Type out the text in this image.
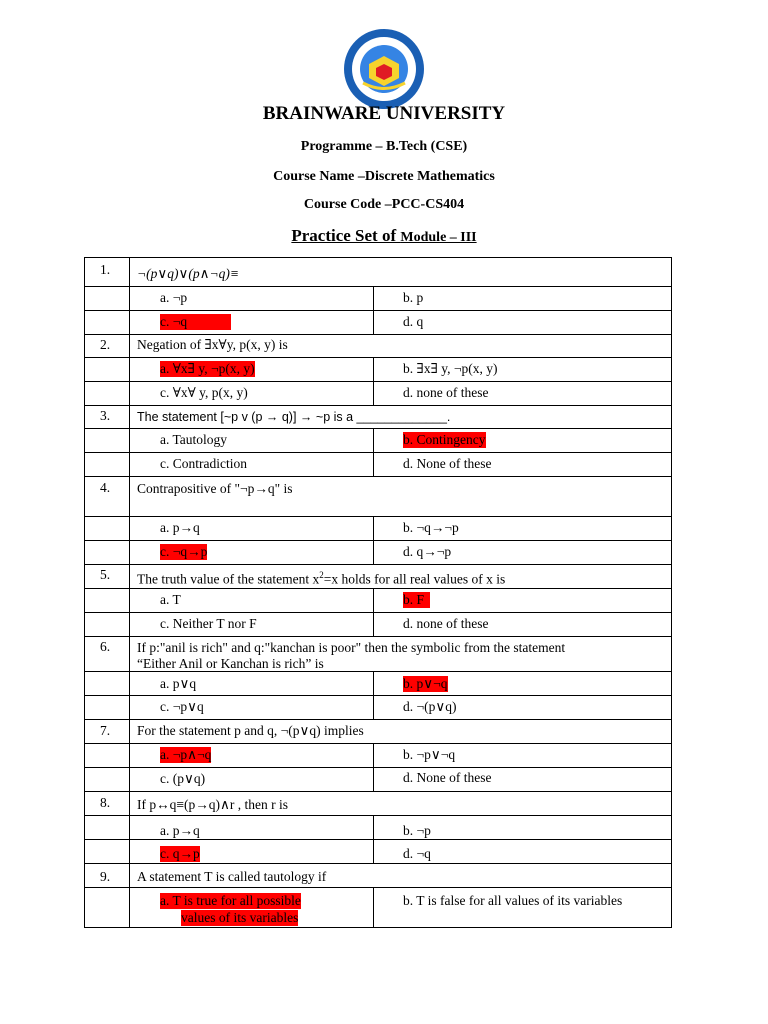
BRAINWARE UNIVERSITY
Programme – B.Tech (CSE)
Course Name –Discrete Mathematics
Course Code –PCC-CS404
Practice Set of Module – III
1. ¬(p∨q)∨(p∧¬q)≡
a. ¬p	b. p
c. ¬q	d. q
2. Negation of ∃x∀y, p(x, y) is
a. ∀x∃ y, ¬p(x, y)	b. ∃x∃ y, ¬p(x, y)
c. ∀x∀ y, p(x, y)	d. none of these
3. The statement [~p v (p → q)] → ~p is a _____________.
a. Tautology	b. Contingency
c. Contradiction	d. None of these
4. Contrapositive of "¬p→q" is
a. p→q	b. ¬q→¬p
c. ¬q→p	d. q→¬p
5. The truth value of the statement $x^2=x$ holds for all real values of x is
a. T	b. F
c. Neither T nor F	d. none of these
6. If p:"anil is rich" and q:"kanchan is poor" then the symbolic from the statement
“Either Anil or Kanchan is rich” is
a. p∨q	b. p∨¬q
c. ¬p∨q	d. ¬(p∨q)
7. For the statement p and q, ¬(p∨q) implies
a. ¬p∧¬q	b. ¬p∨¬q
c. (p∨q)	d. None of these
8. If p↔q≡(p→q)∧r , then r is
a. p→q	b. ¬p
c. q→p	d. ¬q
9. A statement T is called tautology if
a. T is true for all possible
values of its variables
b. T is false for all values of its variables
